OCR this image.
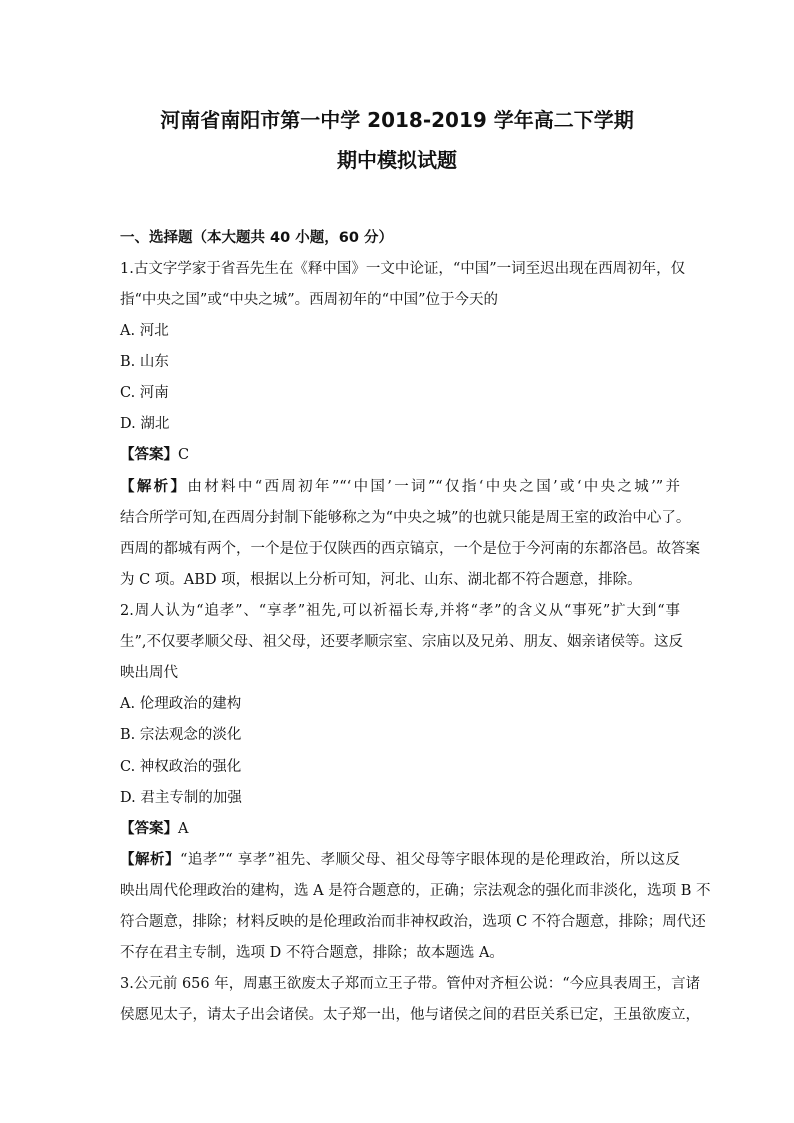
河南省南阳市第一中学 2018-2019 学年高二下学期
期中模拟试题
一、选择题（本大题共 40 小题，60 分）
1.古文字学家于省吾先生在《释中国》一文中论证，“中国”一词至迟出现在西周初年，仅
指“中央之国”或“中央之城”。西周初年的“中国”位于今天的
A. 河北
B. 山东
C. 河南
D. 湖北
【答案】C
【解析】由材料中“西周初年”“‘中国’一词”“仅指‘中央之国’或‘中央之城’”并
结合所学可知,在西周分封制下能够称之为“中央之城”的也就只能是周王室的政治中心了。
西周的都城有两个，一个是位于仅陕西的西京镐京，一个是位于今河南的东都洛邑。故答案
为 C 项。ABD 项，根据以上分析可知，河北、山东、湖北都不符合题意，排除。
2.周人认为“追孝”、“享孝”祖先,可以祈福长寿,并将“孝”的含义从“事死”扩大到“事
生”,不仅要孝顺父母、祖父母，还要孝顺宗室、宗庙以及兄弟、朋友、姻亲诸侯等。这反
映出周代
A. 伦理政治的建构
B. 宗法观念的淡化
C. 神权政治的强化
D. 君主专制的加强
【答案】A
【解析】“追孝”“ 享孝”祖先、孝顺父母、祖父母等字眼体现的是伦理政治，所以这反
映出周代伦理政治的建构，选 A 是符合题意的，正确；宗法观念的强化而非淡化，选项 B 不
符合题意，排除；材料反映的是伦理政治而非神权政治，选项 C 不符合题意，排除；周代还
不存在君主专制，选项 D 不符合题意，排除；故本题选 A。
3.公元前 656 年，周惠王欲废太子郑而立王子带。管仲对齐桓公说：“今应具表周王，言诸
侯愿见太子，请太子出会诸侯。太子郑一出，他与诸侯之间的君臣关系已定，王虽欲废立，
